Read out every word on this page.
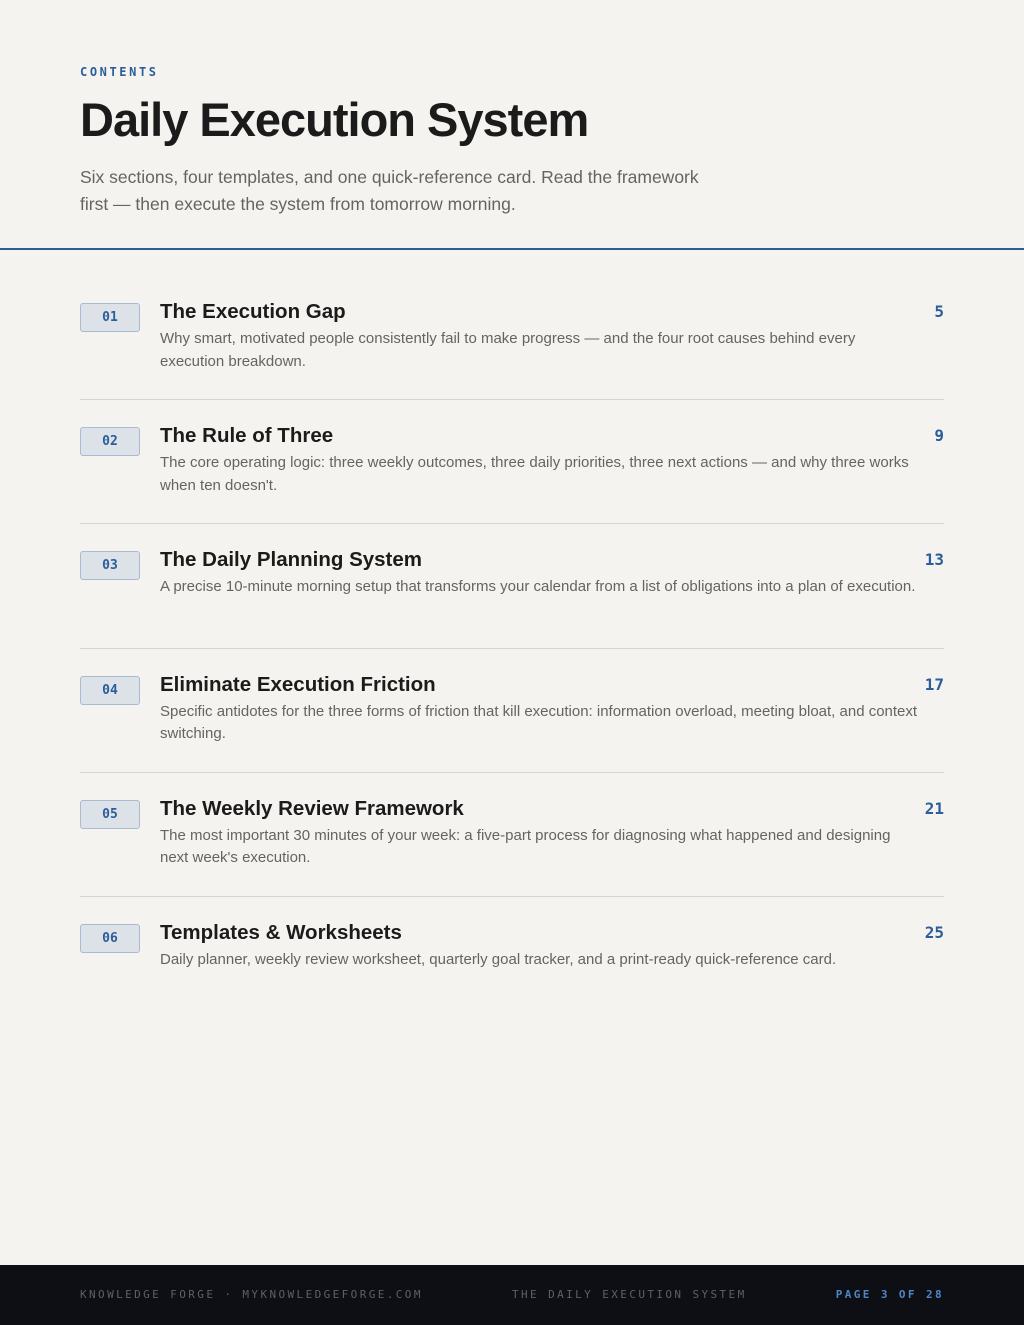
CONTENTS
Daily Execution System

Six sections, four templates, and one quick-reference card. Read the framework first — then execute the system from tomorrow morning.

01	The Execution Gap
Why smart, motivated people consistently fail to make progress — and the four root causes behind every execution breakdown.
5
02	The Rule of Three
The core operating logic: three weekly outcomes, three daily priorities, three next actions — and why three works when ten doesn't.
9
03	The Daily Planning System
A precise 10-minute morning setup that transforms your calendar from a list of obligations into a plan of execution.
13
04	Eliminate Execution Friction
Specific antidotes for the three forms of friction that kill execution: information overload, meeting bloat, and context switching.
17
05	The Weekly Review Framework
The most important 30 minutes of your week: a five-part process for diagnosing what happened and designing next week's execution.
21
06	Templates & Worksheets
Daily planner, weekly review worksheet, quarterly goal tracker, and a print-ready quick-reference card.
25
KNOWLEDGE FORGE · MYKNOWLEDGEFORGE.COM	THE DAILY EXECUTION SYSTEM	PAGE 3 OF 28
